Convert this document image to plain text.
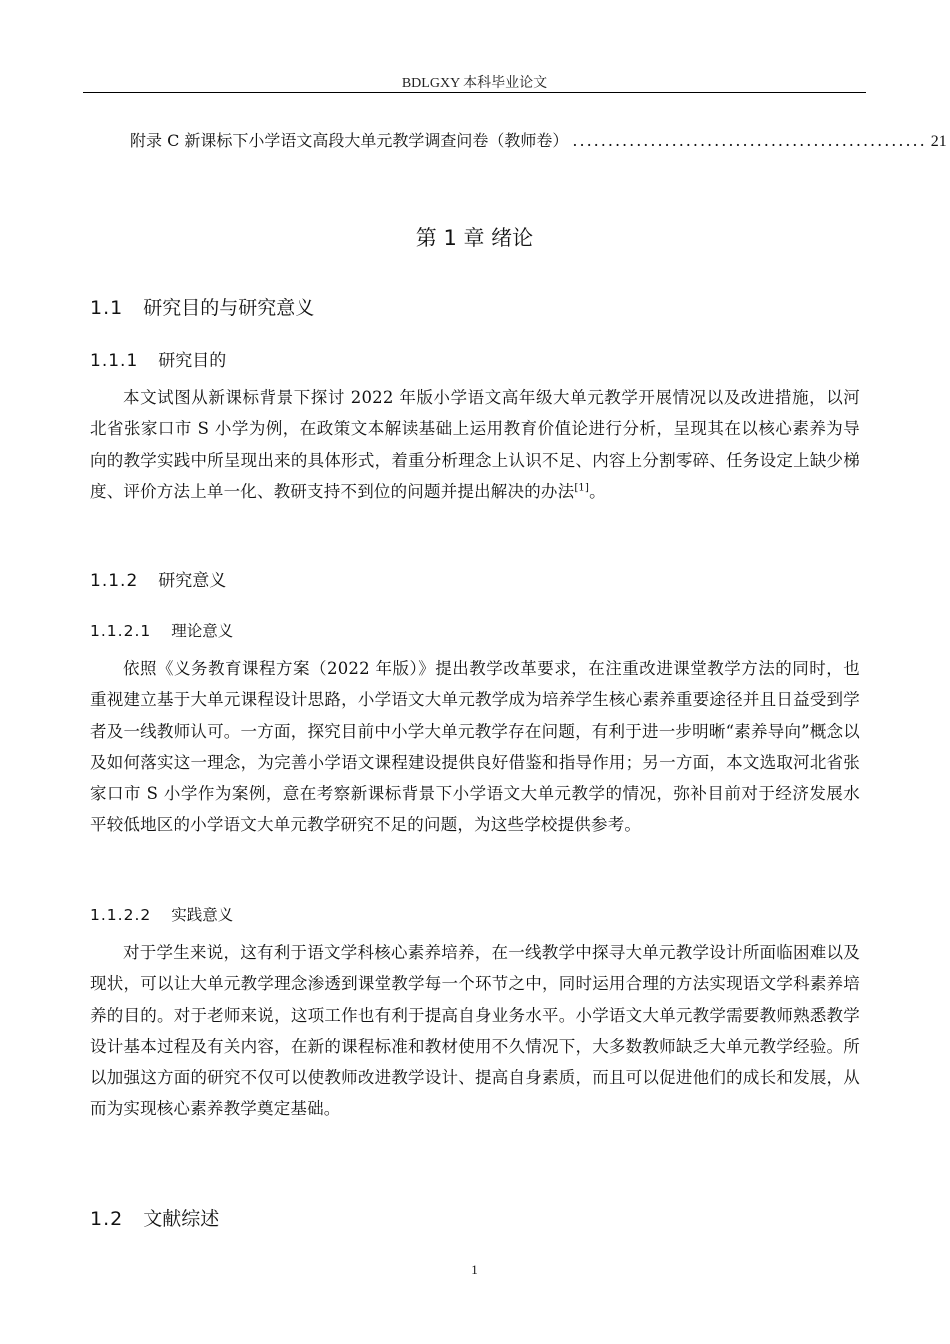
BDLGXY 本科毕业论文
附录 C 新课标下小学语文高段大单元教学调查问卷（教师卷） .................................................. 21
第 1 章 绪论
1.1 研究目的与研究意义
1.1.1 研究目的
本文试图从新课标背景下探讨 2022 年版小学语文高年级大单元教学开展情况以及改进措施，以河北省张家口市 S 小学为例，在政策文本解读基础上运用教育价值论进行分析，呈现其在以核心素养为导向的教学实践中所呈现出来的具体形式，着重分析理念上认识不足、内容上分割零碎、任务设定上缺少梯度、评价方法上单一化、教研支持不到位的问题并提出解决的办法[1]。
1.1.2 研究意义
1.1.2.1 理论意义
依照《义务教育课程方案（2022 年版）》提出教学改革要求，在注重改进课堂教学方法的同时，也重视建立基于大单元课程设计思路，小学语文大单元教学成为培养学生核心素养重要途径并且日益受到学者及一线教师认可。一方面，探究目前中小学大单元教学存在问题，有利于进一步明晰“素养导向”概念以及如何落实这一理念，为完善小学语文课程建设提供良好借鉴和指导作用；另一方面，本文选取河北省张家口市 S 小学作为案例，意在考察新课标背景下小学语文大单元教学的情况，弥补目前对于经济发展水平较低地区的小学语文大单元教学研究不足的问题，为这些学校提供参考。
1.1.2.2 实践意义
对于学生来说，这有利于语文学科核心素养培养，在一线教学中探寻大单元教学设计所面临困难以及现状，可以让大单元教学理念渗透到课堂教学每一个环节之中，同时运用合理的方法实现语文学科素养培养的目的。对于老师来说，这项工作也有利于提高自身业务水平。小学语文大单元教学需要教师熟悉教学设计基本过程及有关内容，在新的课程标准和教材使用不久情况下，大多数教师缺乏大单元教学经验。所以加强这方面的研究不仅可以使教师改进教学设计、提高自身素质，而且可以促进他们的成长和发展，从而为实现核心素养教学奠定基础。
1.2 文献综述
1
